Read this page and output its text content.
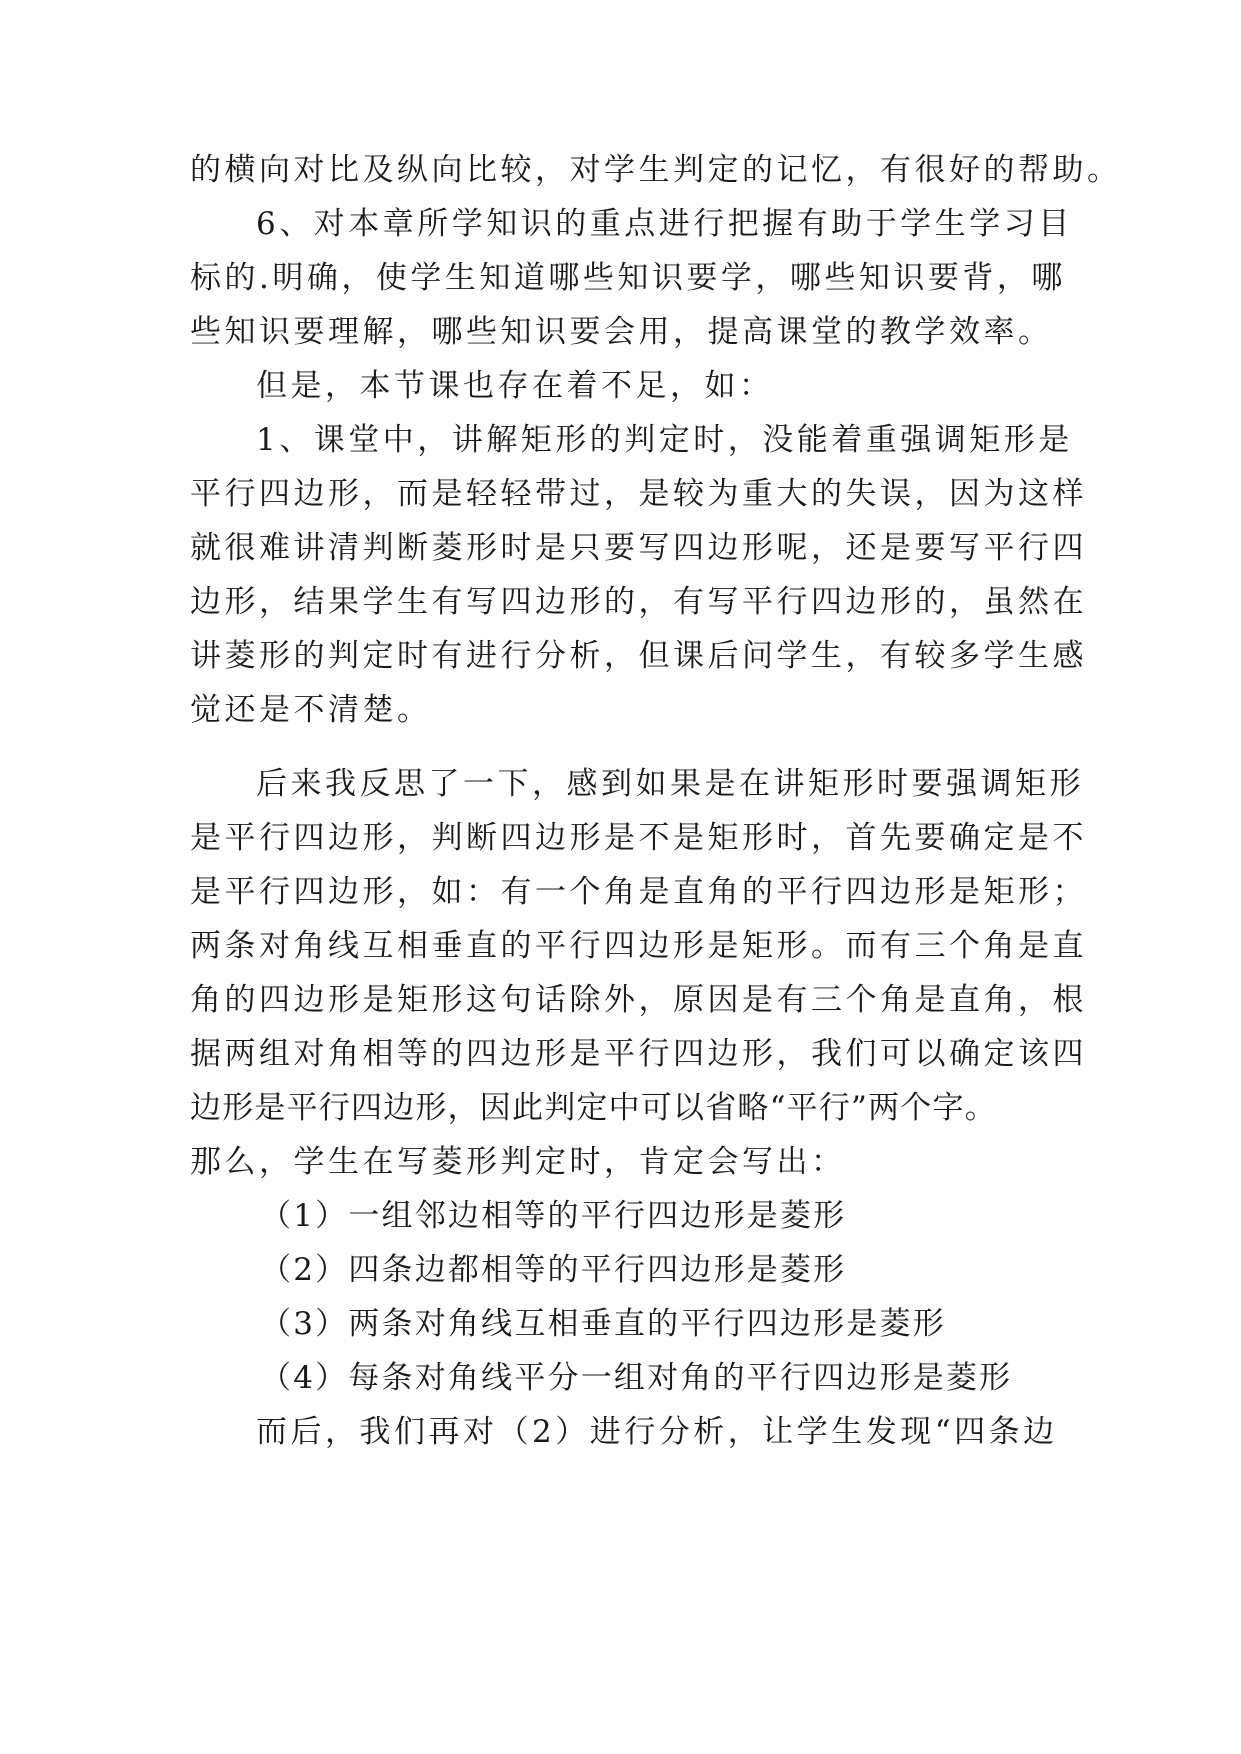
的横向对比及纵向比较，对学生判定的记忆，有很好的帮助。
6、对本章所学知识的重点进行把握有助于学生学习目
标的.明确，使学生知道哪些知识要学，哪些知识要背，哪
些知识要理解，哪些知识要会用，提高课堂的教学效率。
但是，本节课也存在着不足，如：
1、课堂中，讲解矩形的判定时，没能着重强调矩形是
平行四边形，而是轻轻带过，是较为重大的失误，因为这样
就很难讲清判断菱形时是只要写四边形呢，还是要写平行四
边形，结果学生有写四边形的，有写平行四边形的，虽然在
讲菱形的判定时有进行分析，但课后问学生，有较多学生感
觉还是不清楚。
后来我反思了一下，感到如果是在讲矩形时要强调矩形
是平行四边形，判断四边形是不是矩形时，首先要确定是不
是平行四边形，如：有一个角是直角的平行四边形是矩形；
两条对角线互相垂直的平行四边形是矩形。而有三个角是直
角的四边形是矩形这句话除外，原因是有三个角是直角，根
据两组对角相等的四边形是平行四边形，我们可以确定该四
边形是平行四边形，因此判定中可以省略“平行”两个字。
那么，学生在写菱形判定时，肯定会写出：
（1）一组邻边相等的平行四边形是菱形
（2）四条边都相等的平行四边形是菱形
（3）两条对角线互相垂直的平行四边形是菱形
（4）每条对角线平分一组对角的平行四边形是菱形
而后，我们再对（2）进行分析，让学生发现“四条边
